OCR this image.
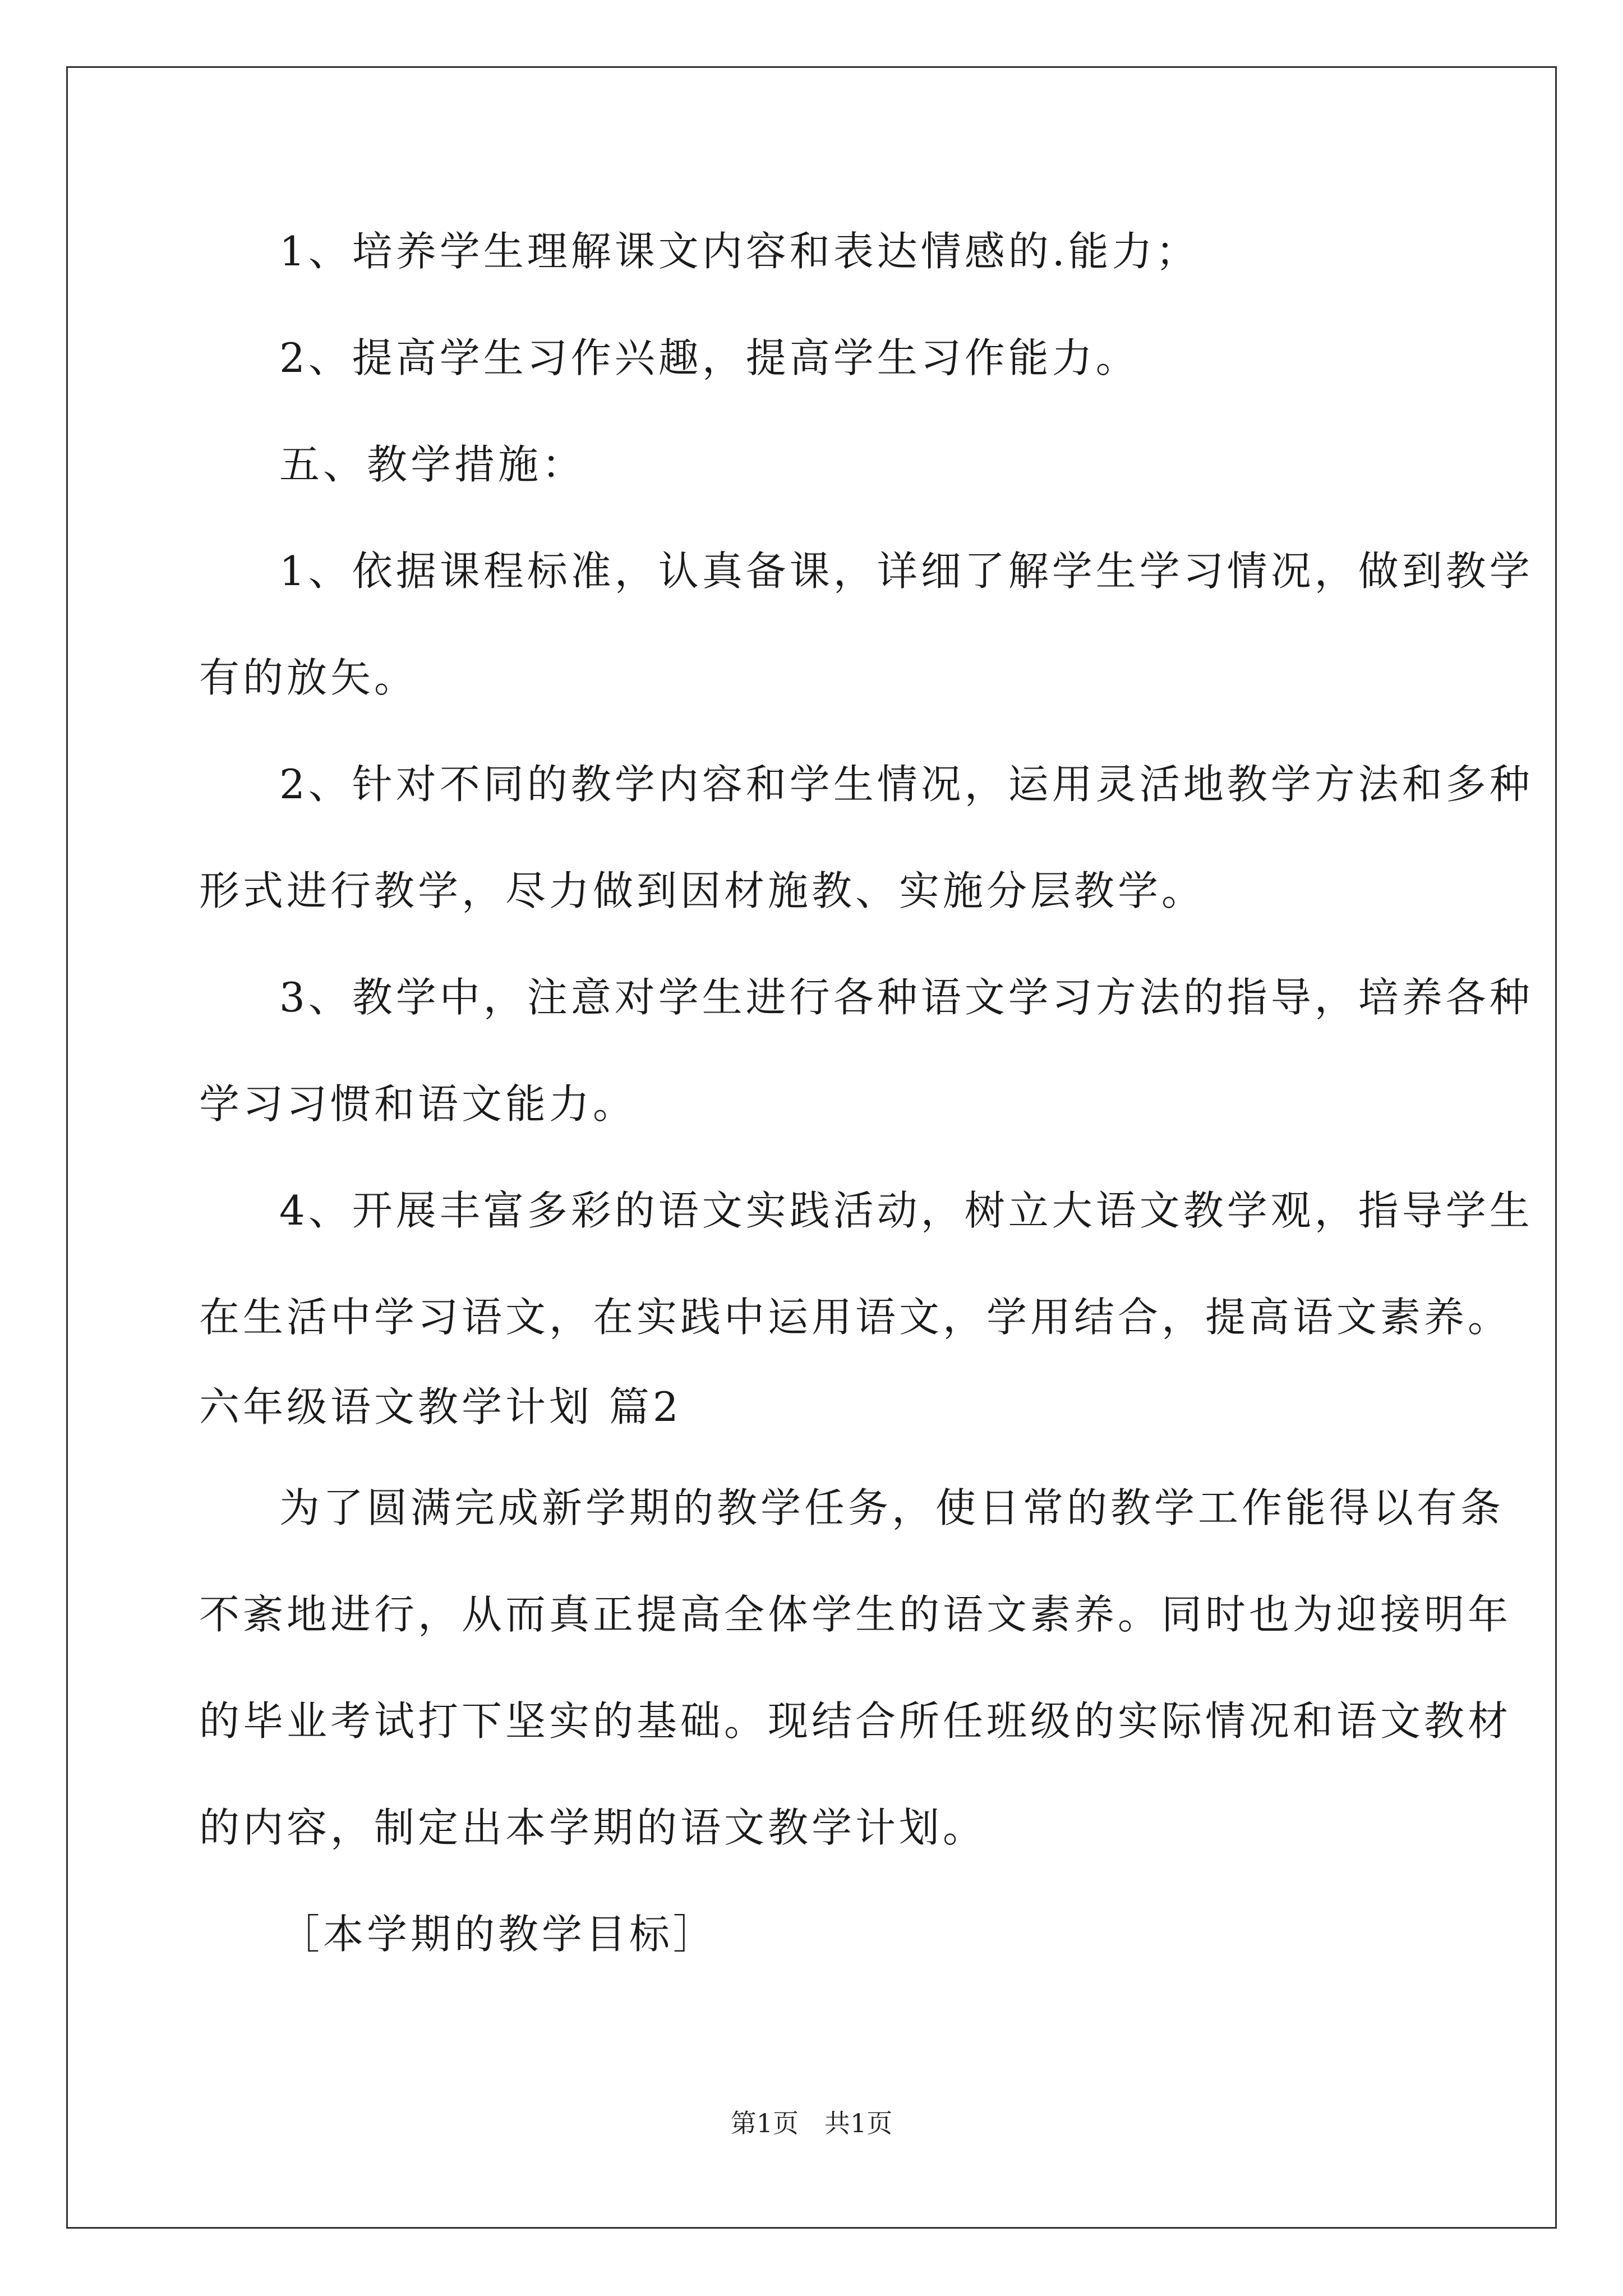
1、培养学生理解课文内容和表达情感的.能力；

2、提高学生习作兴趣，提高学生习作能力。

五、教学措施：

1、依据课程标准，认真备课，详细了解学生学习情况，做到教学

有的放矢。

2、针对不同的教学内容和学生情况，运用灵活地教学方法和多种

形式进行教学，尽力做到因材施教、实施分层教学。

3、教学中，注意对学生进行各种语文学习方法的指导，培养各种

学习习惯和语文能力。

4、开展丰富多彩的语文实践活动，树立大语文教学观，指导学生

在生活中学习语文，在实践中运用语文，学用结合，提高语文素养。

六年级语文教学计划 篇2

为了圆满完成新学期的教学任务，使日常的教学工作能得以有条

不紊地进行，从而真正提高全体学生的语文素养。同时也为迎接明年

的毕业考试打下坚实的基础。现结合所任班级的实际情况和语文教材

的内容，制定出本学期的语文教学计划。

［本学期的教学目标］

第1页　共1页
